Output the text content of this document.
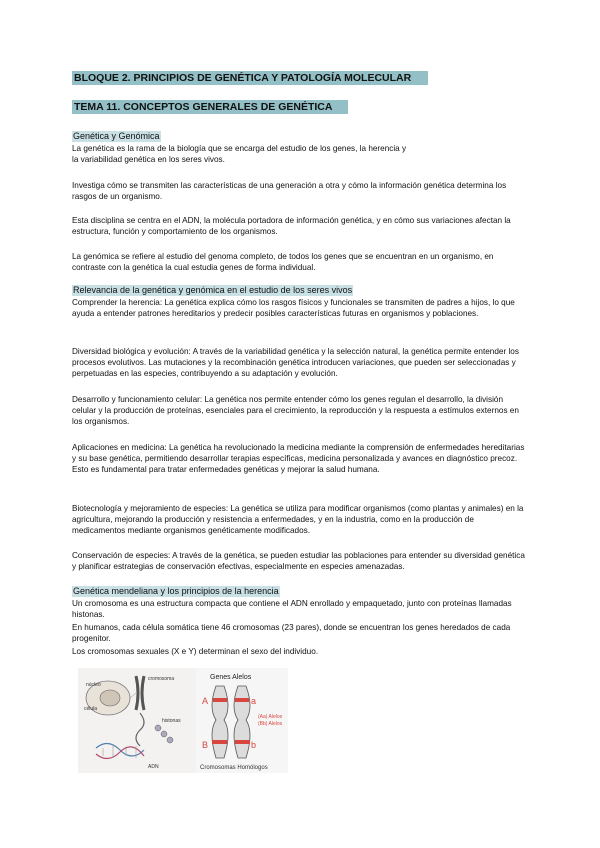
BLOQUE 2. PRINCIPIOS DE GENÉTICA Y PATOLOGÍA MOLECULAR
TEMA 11. CONCEPTOS GENERALES DE GENÉTICA
Genética y Genómica
La genética es la rama de la biología que se encarga del estudio de los genes, la herencia y la variabilidad genética en los seres vivos.
Investiga cómo se transmiten las características de una generación a otra y cómo la información genética determina los rasgos de un organismo.
Esta disciplina se centra en el ADN, la molécula portadora de información genética, y en cómo sus variaciones afectan la estructura, función y comportamiento de los organismos.
La genómica se refiere al estudio del genoma completo, de todos los genes que se encuentran en un organismo, en contraste con la genética la cual estudia genes de forma individual.
Relevancia de la genética y genómica en el estudio de los seres vivos
Comprender la herencia: La genética explica cómo los rasgos físicos y funcionales se transmiten de padres a hijos, lo que ayuda a entender patrones hereditarios y predecir posibles características futuras en organismos y poblaciones.
Diversidad biológica y evolución: A través de la variabilidad genética y la selección natural, la genética permite entender los procesos evolutivos. Las mutaciones y la recombinación genética introducen variaciones, que pueden ser seleccionadas y perpetuadas en las especies, contribuyendo a su adaptación y evolución.
Desarrollo y funcionamiento celular: La genética nos permite entender cómo los genes regulan el desarrollo, la división celular y la producción de proteínas, esenciales para el crecimiento, la reproducción y la respuesta a estímulos externos en los organismos.
Aplicaciones en medicina: La genética ha revolucionado la medicina mediante la comprensión de enfermedades hereditarias y su base genética, permitiendo desarrollar terapias específicas, medicina personalizada y avances en diagnóstico precoz. Esto es fundamental para tratar enfermedades genéticas y mejorar la salud humana.
Biotecnología y mejoramiento de especies: La genética se utiliza para modificar organismos (como plantas y animales) en la agricultura, mejorando la producción y resistencia a enfermedades, y en la industria, como en la producción de medicamentos mediante organismos genéticamente modificados.
Conservación de especies: A través de la genética, se pueden estudiar las poblaciones para entender su diversidad genética y planificar estrategias de conservación efectivas, especialmente en especies amenazadas.
Genética mendeliana y los principios de la herencia
Un cromosoma es una estructura compacta que contiene el ADN enrollado y empaquetado, junto con proteínas llamadas histonas.
En humanos, cada célula somática tiene 46 cromosomas (23 pares), donde se encuentran los genes heredados de cada progenitor.
Los cromosomas sexuales (X e Y) determinan el sexo del individuo.
núcleo
cromosoma
célula
ADN
histonas
Genes Alelos
A	a
B	b
(Aa) Alelos
(Bb) Alelos
Cromosomas Homólogos
